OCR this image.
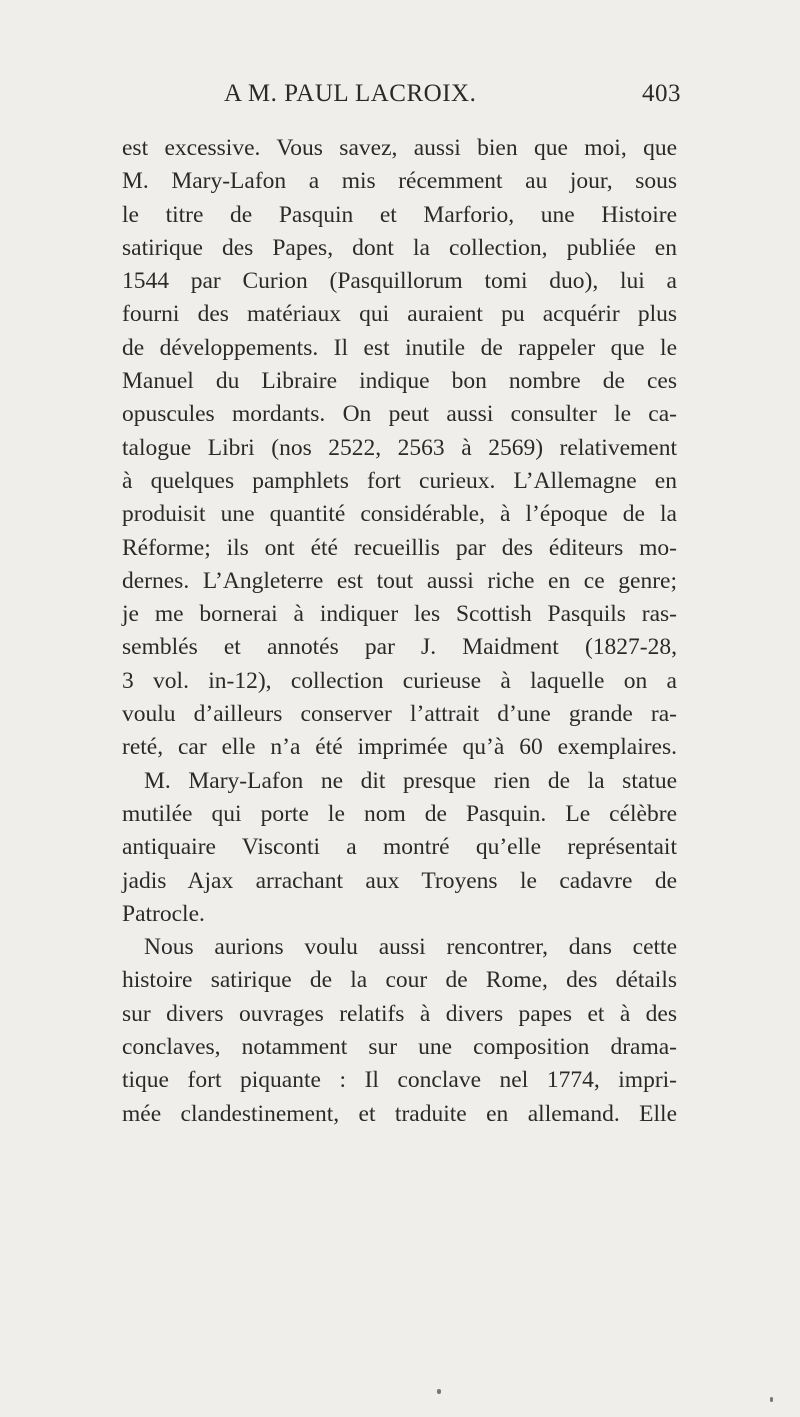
A M. PAUL LACROIX.	403
est excessive. Vous savez, aussi bien que moi, que
M. Mary-Lafon a mis récemment au jour, sous
le titre de Pasquin et Marforio, une Histoire
satirique des Papes, dont la collection, publiée en
1544 par Curion (Pasquillorum tomi duo), lui a
fourni des matériaux qui auraient pu acquérir plus
de développements. Il est inutile de rappeler que le
Manuel du Libraire indique bon nombre de ces
opuscules mordants. On peut aussi consulter le ca-
talogue Libri (nos 2522, 2563 à 2569) relativement
à quelques pamphlets fort curieux. L’Allemagne en
produisit une quantité considérable, à l’époque de la
Réforme; ils ont été recueillis par des éditeurs mo-
dernes. L’Angleterre est tout aussi riche en ce genre;
je me bornerai à indiquer les Scottish Pasquils ras-
semblés et annotés par J. Maidment (1827-28,
3 vol. in-12), collection curieuse à laquelle on a
voulu d’ailleurs conserver l’attrait d’une grande ra-
reté, car elle n’a été imprimée qu’à 60 exemplaires.
M. Mary-Lafon ne dit presque rien de la statue
mutilée qui porte le nom de Pasquin. Le célèbre
antiquaire Visconti a montré qu’elle représentait
jadis Ajax arrachant aux Troyens le cadavre de
Patrocle.
Nous aurions voulu aussi rencontrer, dans cette
histoire satirique de la cour de Rome, des détails
sur divers ouvrages relatifs à divers papes et à des
conclaves, notamment sur une composition drama-
tique fort piquante : Il conclave nel 1774, impri-
mée clandestinement, et traduite en allemand. Elle
